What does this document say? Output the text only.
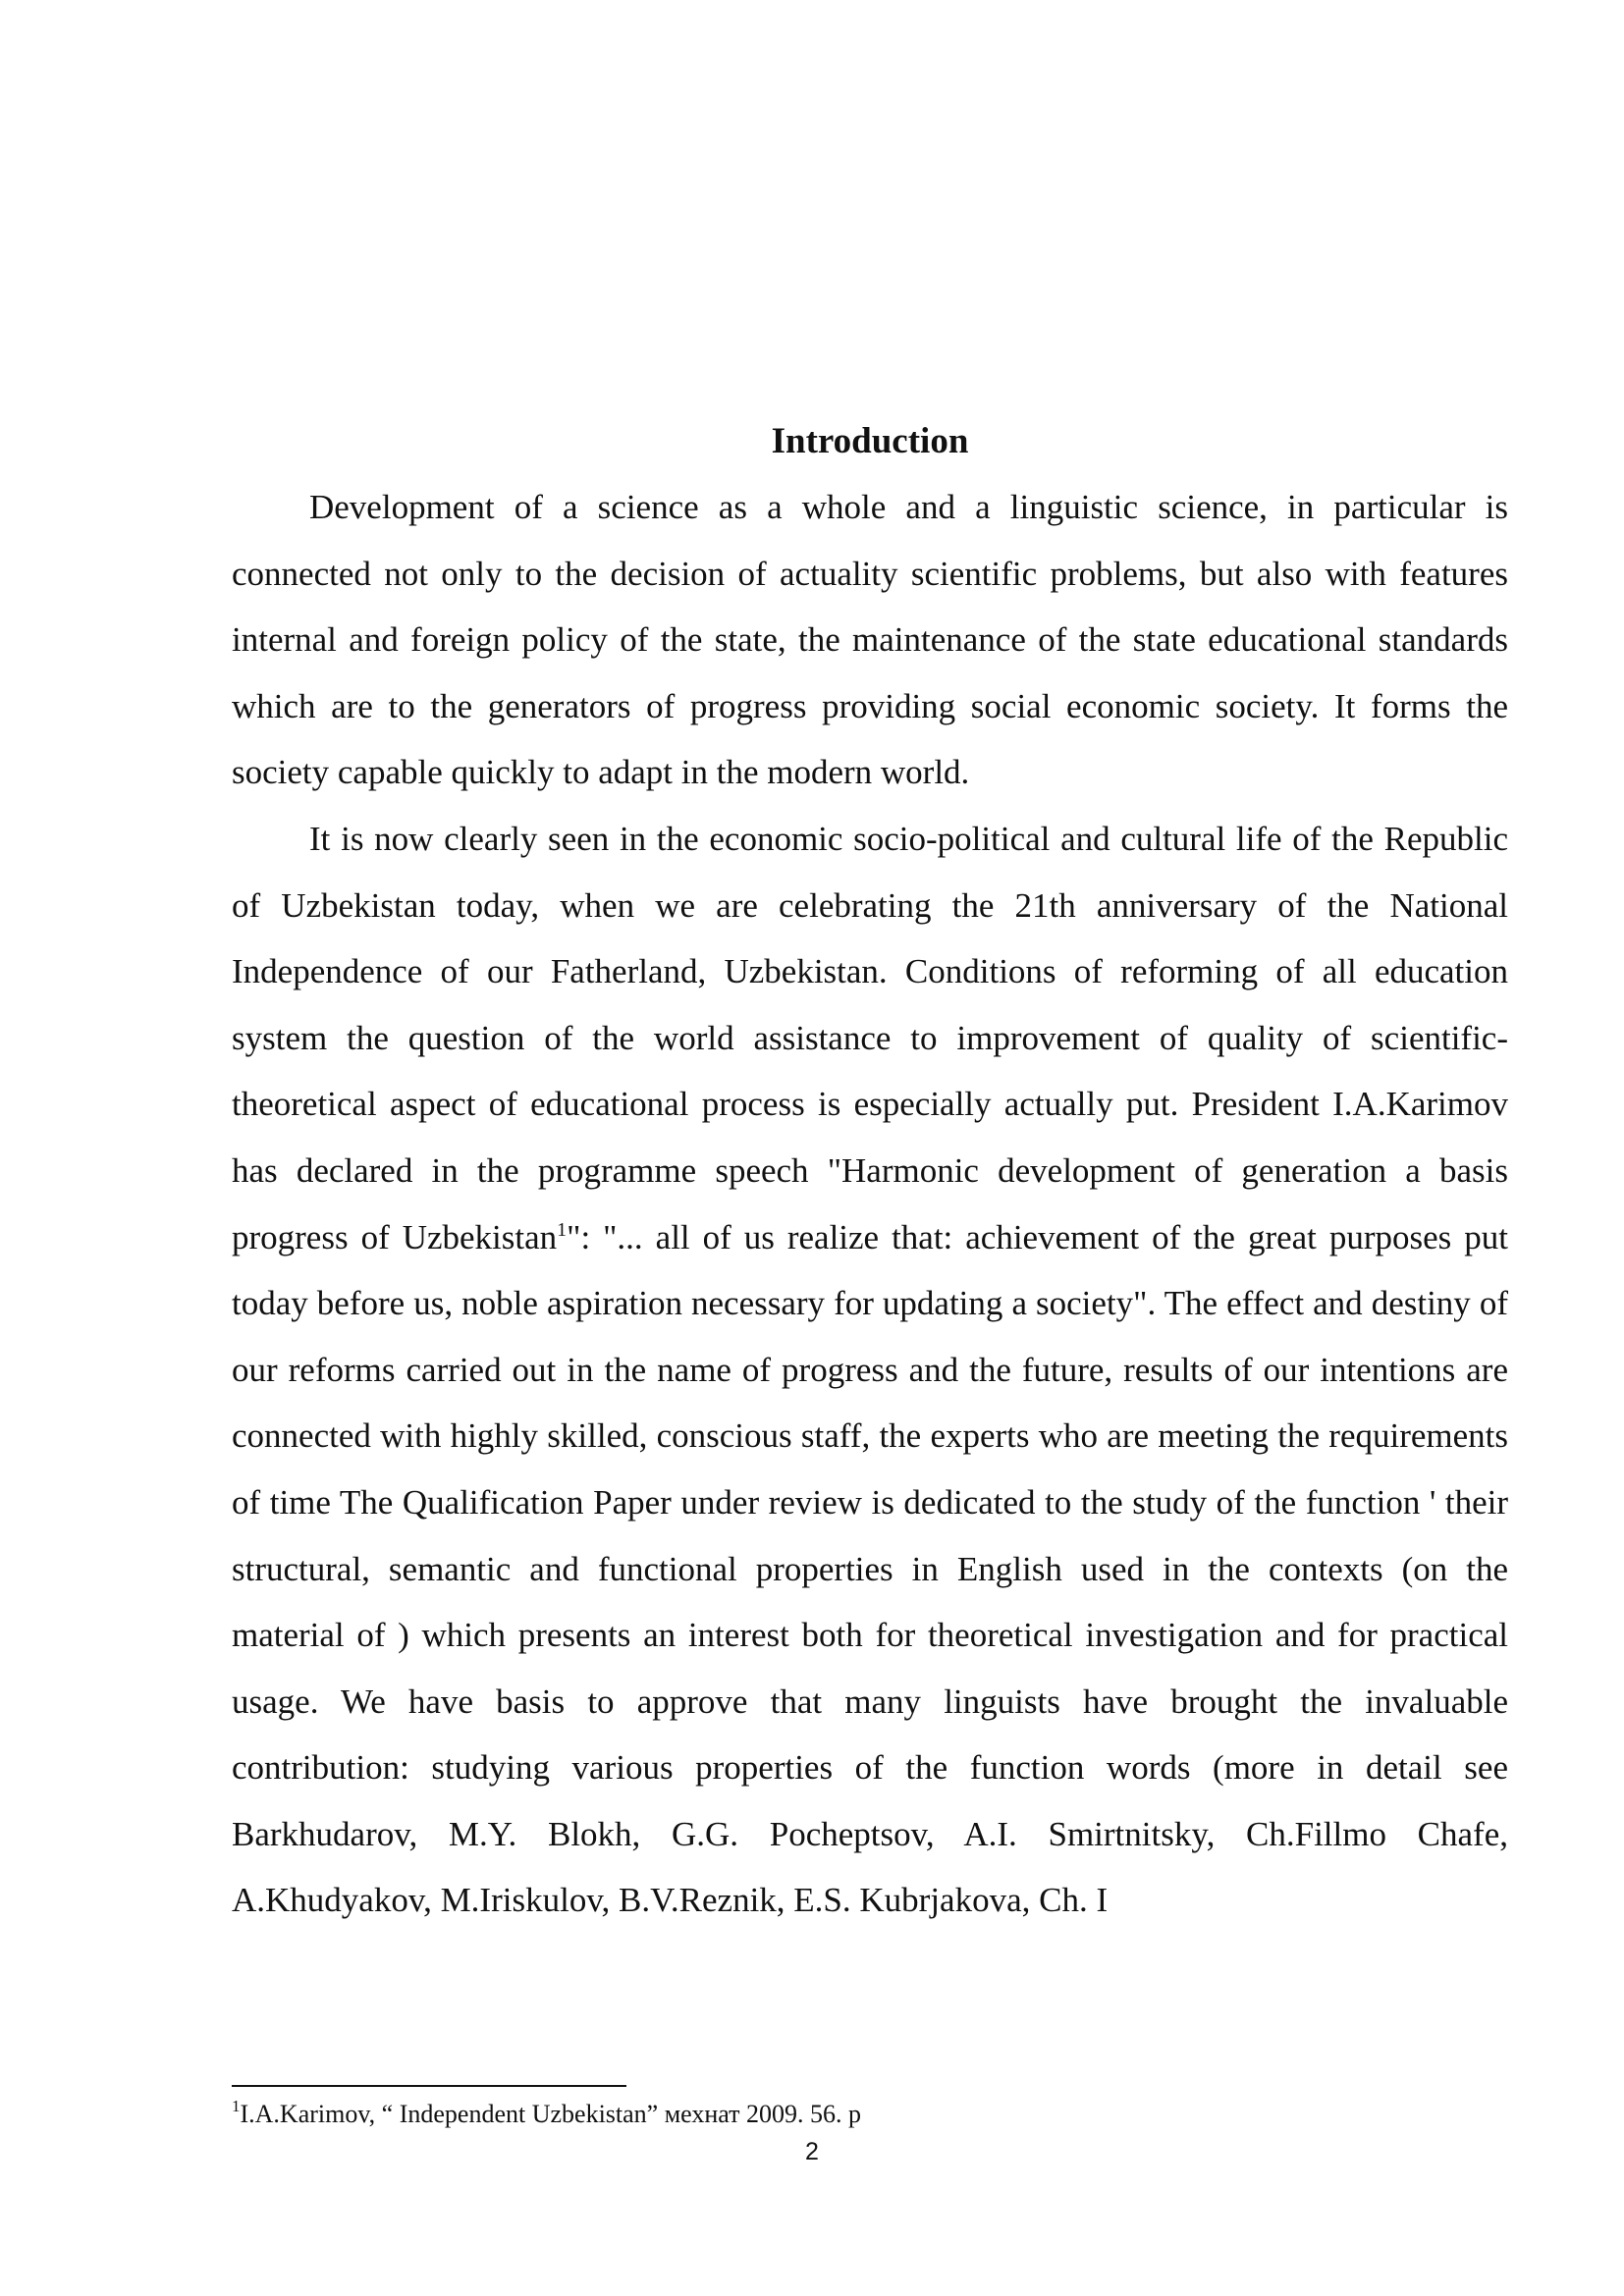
Introduction

Development of a science as a whole and a linguistic science, in particular is connected not only to the decision of actuality scientific problems, but also with features internal and foreign policy of the state, the maintenance of the state educational standards which are to the generators of progress providing social economic society. It forms the society capable quickly to adapt in the modern world.

It is now clearly seen in the economic socio-political and cultural life of the Republic of Uzbekistan today, when we are celebrating the 21th anniversary of the National Independence of our Fatherland, Uzbekistan. Conditions of reforming of all education system the question of the world assistance to improvement of quality of scientific-theoretical aspect of educational process is especially actually put. President I.A.Karimov has declared in the programme speech "Harmonic development of generation a basis progress of Uzbekistan$^1$": "... all of us realize that: achievement of the great purposes put today before us, noble aspiration necessary for updating a society". The effect and destiny of our reforms carried out in the name of progress and the future, results of our intentions are connected with highly skilled, conscious staff, the experts who are meeting the requirements of time The Qualification Paper under review is dedicated to the study of the function ' their structural, semantic and functional properties in English used in the contexts (on the material of ) which presents an interest both for theoretical investigation and for practical usage. We have basis to approve that many linguists have brought the invaluable contribution: studying various properties of the function words (more in detail see Barkhudarov, M.Y. Blokh, G.G. Pocheptsov, A.I. Smirtnitsky, Ch.Fillmo Chafe, A.Khudyakov, M.Iriskulov, B.V.Reznik, E.S. Kubrjakova, Ch. I

$^1$I.A.Karimov, “ Independent Uzbekistan” мехнат 2009. 56. p
2
